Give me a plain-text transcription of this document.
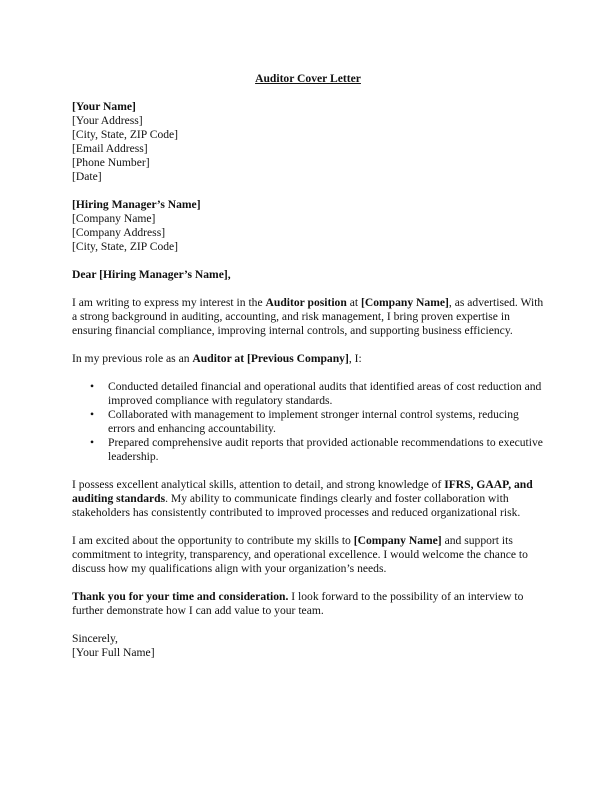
Auditor Cover Letter
[Your Name]
[Your Address]
[City, State, ZIP Code]
[Email Address]
[Phone Number]
[Date]
[Hiring Manager’s Name]
[Company Name]
[Company Address]
[City, State, ZIP Code]

Dear [Hiring Manager’s Name],

I am writing to express my interest in the Auditor position at [Company Name], as advertised. With a strong background in auditing, accounting, and risk management, I bring proven expertise in ensuring financial compliance, improving internal controls, and supporting business efficiency.

In my previous role as an Auditor at [Previous Company], I:

• Conducted detailed financial and operational audits that identified areas of cost reduction and improved compliance with regulatory standards.
• Collaborated with management to implement stronger internal control systems, reducing errors and enhancing accountability.
• Prepared comprehensive audit reports that provided actionable recommendations to executive leadership.

I possess excellent analytical skills, attention to detail, and strong knowledge of IFRS, GAAP, and auditing standards. My ability to communicate findings clearly and foster collaboration with stakeholders has consistently contributed to improved processes and reduced organizational risk.

I am excited about the opportunity to contribute my skills to [Company Name] and support its commitment to integrity, transparency, and operational excellence. I would welcome the chance to discuss how my qualifications align with your organization’s needs.

Thank you for your time and consideration. I look forward to the possibility of an interview to further demonstrate how I can add value to your team.

Sincerely,
[Your Full Name]
